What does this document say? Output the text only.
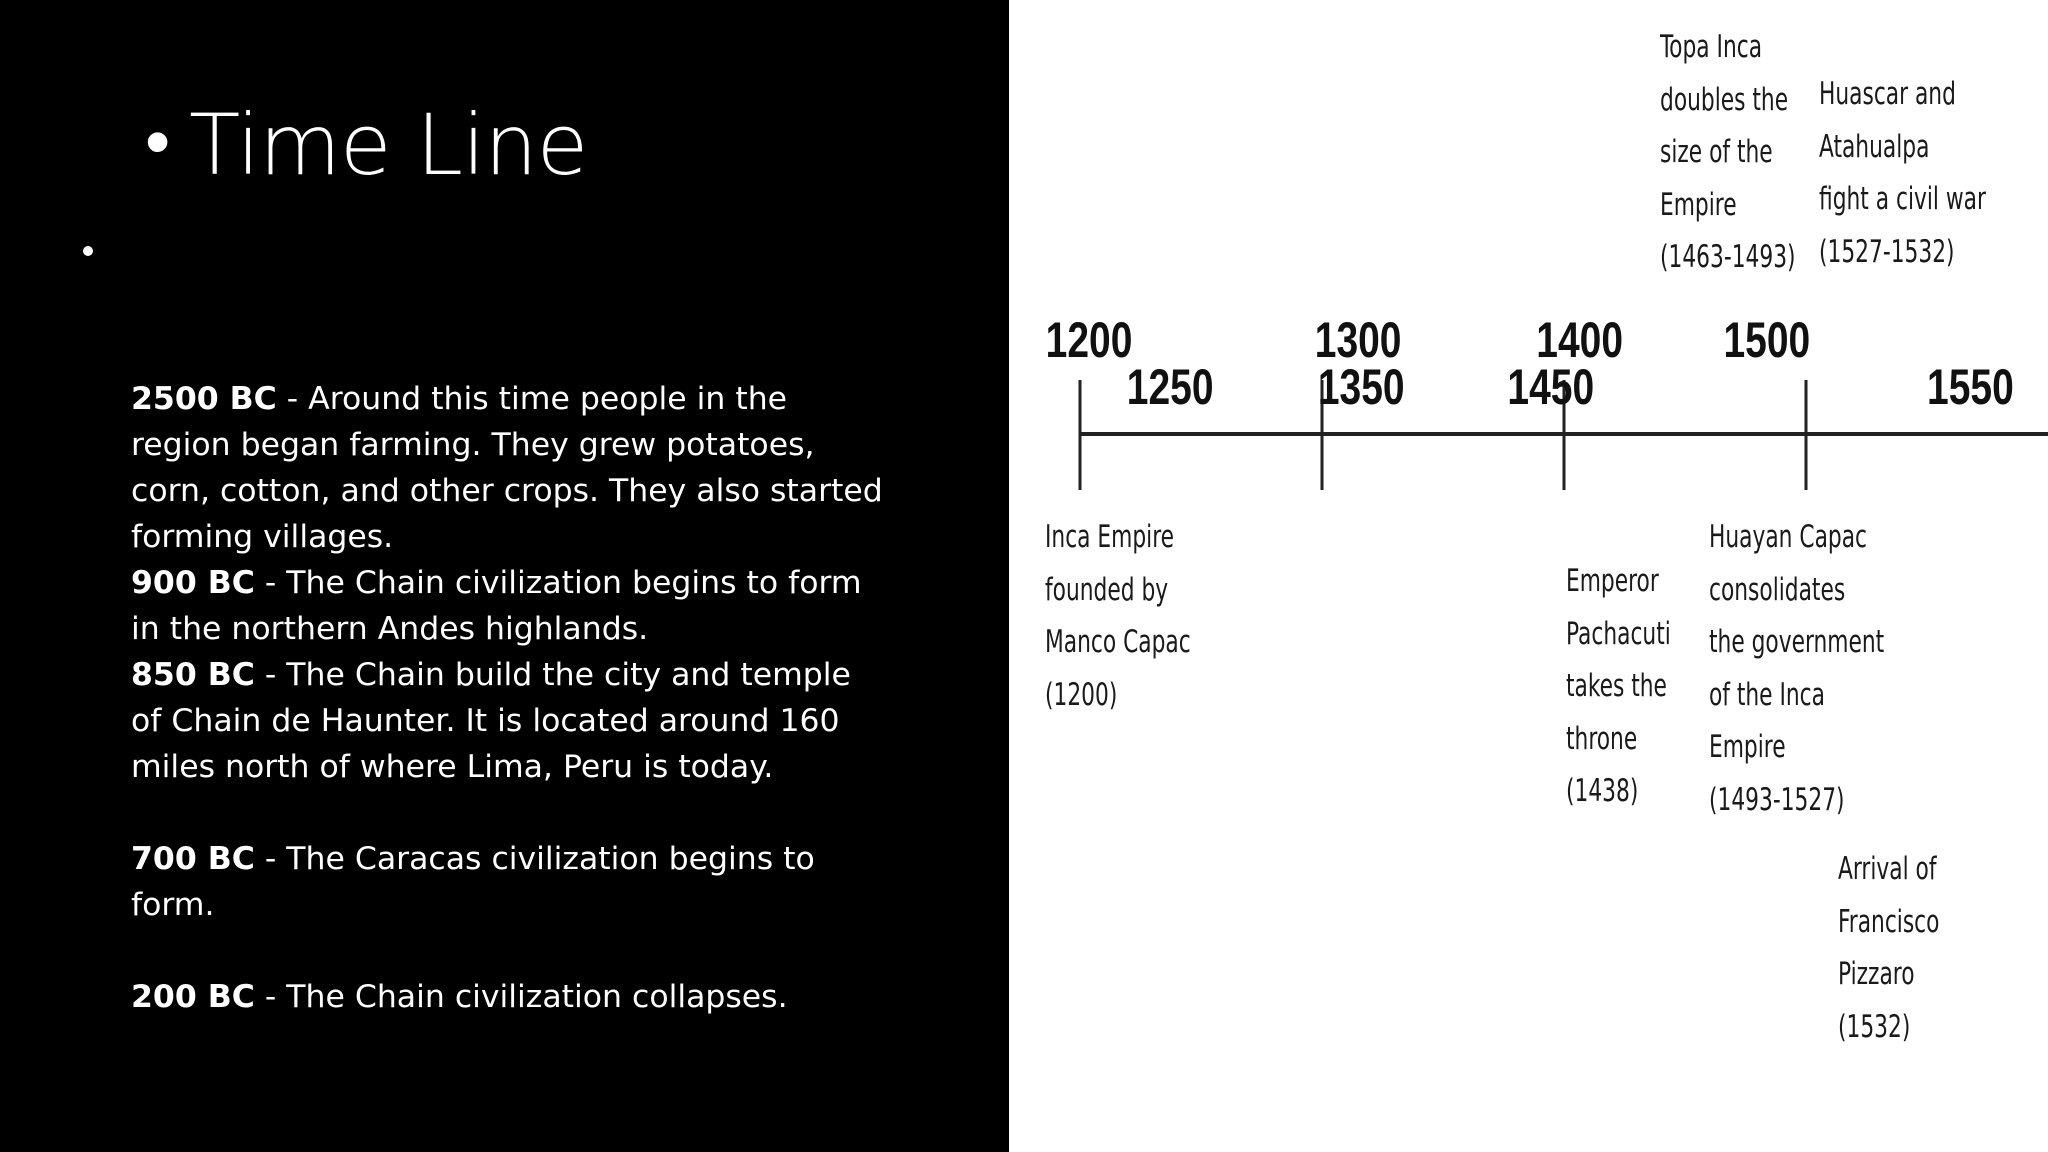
• Time Line

2500 BC - Around this time people in the region began farming. They grew potatoes, corn, cotton, and other crops. They also started forming villages.

900 BC - The Chain civilization begins to form in the northern Andes highlands.

850 BC - The Chain build the city and temple of Chain de Haunter. It is located around 160 miles north of where Lima, Peru is today.

700 BC - The Caracas civilization begins to form.

200 BC - The Chain civilization collapses.

1200	1300	1400 1500
1250 1350 1450	1550
Inca Empire
founded by
Manco Capac
(1200)
Emperor
Pachacuti
takes the
throne
(1438)
Huayan Capac
consolidates
the government
of the Inca
Empire
(1493-1527)
Topa Inca
doubles the
size of the
Empire
(1463-1493)
Huascar and
Atahualpa
fight a civil war
(1527-1532)
Arrival of
Francisco
Pizzaro
(1532)
